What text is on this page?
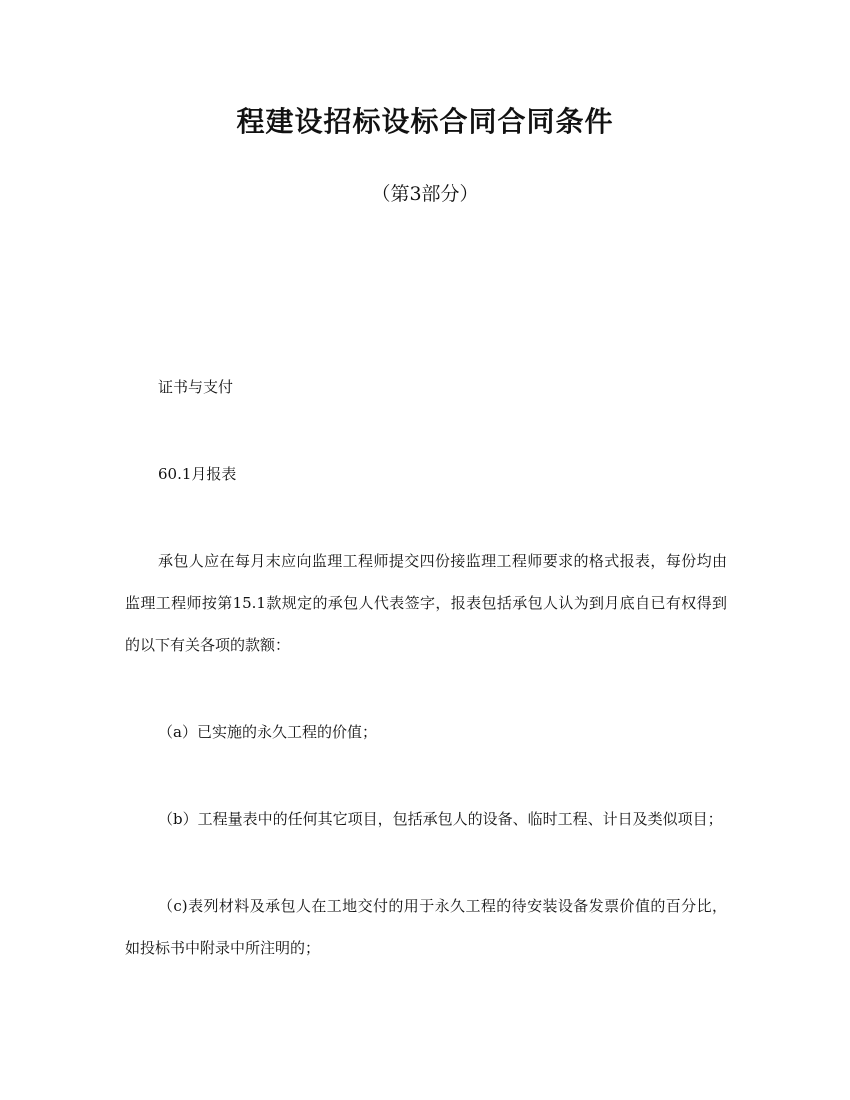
程建设招标设标合同合同条件
（第3部分）

证书与支付

60.1月报表

承包人应在每月末应向监理工程师提交四份接监理工程师要求的格式报表，每份均由监理工程师按第15.1款规定的承包人代表签字，报表包括承包人认为到月底自已有权得到的以下有关各项的款额：

（a）已实施的永久工程的价值；

（b）工程量表中的任何其它项目，包括承包人的设备、临时工程、计日及类似项目；

（c)表列材料及承包人在工地交付的用于永久工程的待安装设备发票价值的百分比，如投标书中附录中所注明的；
